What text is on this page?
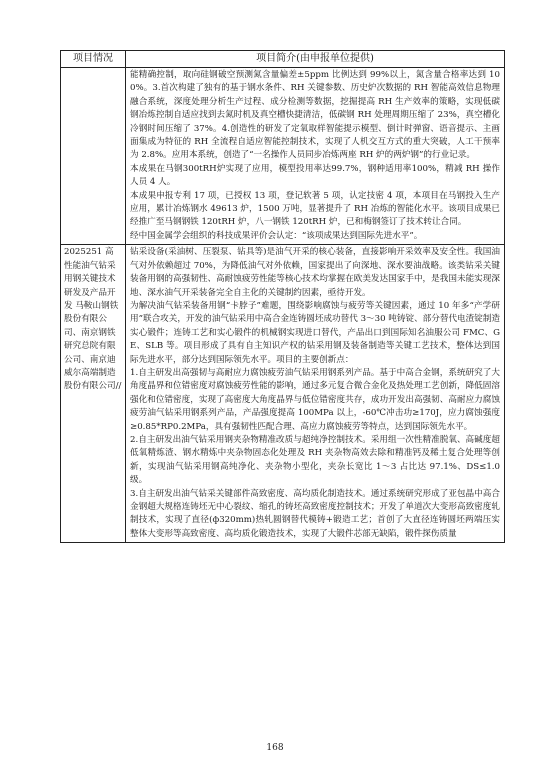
项目情况	项目简介(由申报单位提供)

	能精确控制，取向硅钢破空预测氮含量偏差±5ppm 比例达到 99%以上，氮含量合格率达到 100%。3.首次构建了独有的基于钢水条件、RH 关键参数、历史炉次数据的 RH 智能高效信息物理融合系统，深度处理分析生产过程、成分检测等数据，挖掘提高 RH 生产效率的策略，实现低碳钢冶炼控制自适应找到去氮时机及真空槽快捷清洁，低碳钢 RH 处理周期压缩了 23%，真空槽化冷钢时间压缩了 37%。4.创造性的研发了定氧取样智能提示模型、倒计时弹窗、语音提示、主画面集成为特征的 RH 全流程自适应智能控制技术，实现了人机交互方式的重大突破，人工干预率为 2.8%。应用本系统，创造了“一名操作人员同步冶炼两座 RH 炉的两炉钢”的行业记录。

本成果在马钢300tRH炉实现了应用，模型投用率达99.7%，钢种适用率100%，精减 RH 操作人员 4 人。

本成果申报专利 17 项，已授权 13 项，登记软著 5 项，认定技密 4 项，本项目在马钢投入生产应用，累计冶炼钢水 49613 炉，1500 万吨，显著提升了 RH 冶炼的智能化水平。该项目成果已经推广至马钢钢铁 120tRH 炉，八一钢铁 120tRH 炉，已和梅钢签订了技术转让合同。

经中国金属学会组织的科技成果评价会认定：“该项成果达到国际先进水平”。

2025251 高性能油气钻采用钢关键技术研发及产品开发 马鞍山钢铁股份有限公司、南京钢铁研究总院有限公司、南京迪威尔高端制造股份有限公司//	钻采设备(采油树、压裂泵、钻具等)是油气开采的核心装备，直接影响开采效率及安全性。我国油气对外依赖超过 70%，为降低油气对外依赖，国家提出了向深地、深水要油战略。该类钻采关键装备用钢的高强韧性、高耐蚀疲劳性能等核心技术均掌握在欧美发达国家手中，是我国未能实现深地、深水油气开采装备完全自主化的关键制约因素，亟待开发。

为解决油气钻采装备用钢“卡脖子”难题，围绕影响腐蚀与疲劳等关键因素，通过 10 年多“产学研用”联合攻关，开发的油气钻采用中高合金连铸圆坯成功替代 3～30 吨铸锭、部分替代电渣锭制造实心锻件；连铸工艺和实心锻件的机械钢实现进口替代，产品出口到国际知名油服公司 FMC、GE、SLB 等。项目形成了具有自主知识产权的钻采用钢及装备制造等关键工艺技术，整体达到国际先进水平，部分达到国际领先水平。项目的主要创新点：

1.自主研发出高强韧与高耐应力腐蚀疲劳油气钻采用钢系列产品。基于中高合金钢，系统研究了大角度晶界和位错密度对腐蚀疲劳性能的影响，通过多元复合微合金化及热处理工艺创新，降低固溶强化和位错密度，实现了高密度大角度晶界与低位错密度共存，成功开发出高强韧、高耐应力腐蚀疲劳油气钻采用钢系列产品，产品强度提高 100MPa 以上，-60℃冲击功≥170J，应力腐蚀强度≥0.85*RP0.2MPa，具有强韧性匹配合理、高应力腐蚀疲劳等特点，达到国际领先水平。

2.自主研发出油气钻采用钢夹杂物精准改质与超纯净控制技术。采用组一次性精准脱氧、高碱度超低氧精炼渣、钢水精炼中夹杂物固态化处理及 RH 夹杂物高效去除和精准钙及稀土复合处理等创新，实现油气钻采用钢高纯净化、夹杂物小型化，夹杂长宽比 1～3 占比达 97.1%、DS≤1.0 级。

3.自主研发出油气钻采关键部件高致密度、高均质化制造技术。通过系统研究形成了亚包晶中高合金钢超大规格连铸坯无中心裂纹、缩孔的铸坯高致密度控制技术；开发了单道次大变形高致密度轧制技术，实现了直径(ф320mm)热轧圆钢替代模铸+锻造工艺；首创了大直径连铸圆坯两端压实整体大变形等高致密度、高均质化锻造技术，实现了大锻件芯部无缺陷，锻件探伤质量

168
